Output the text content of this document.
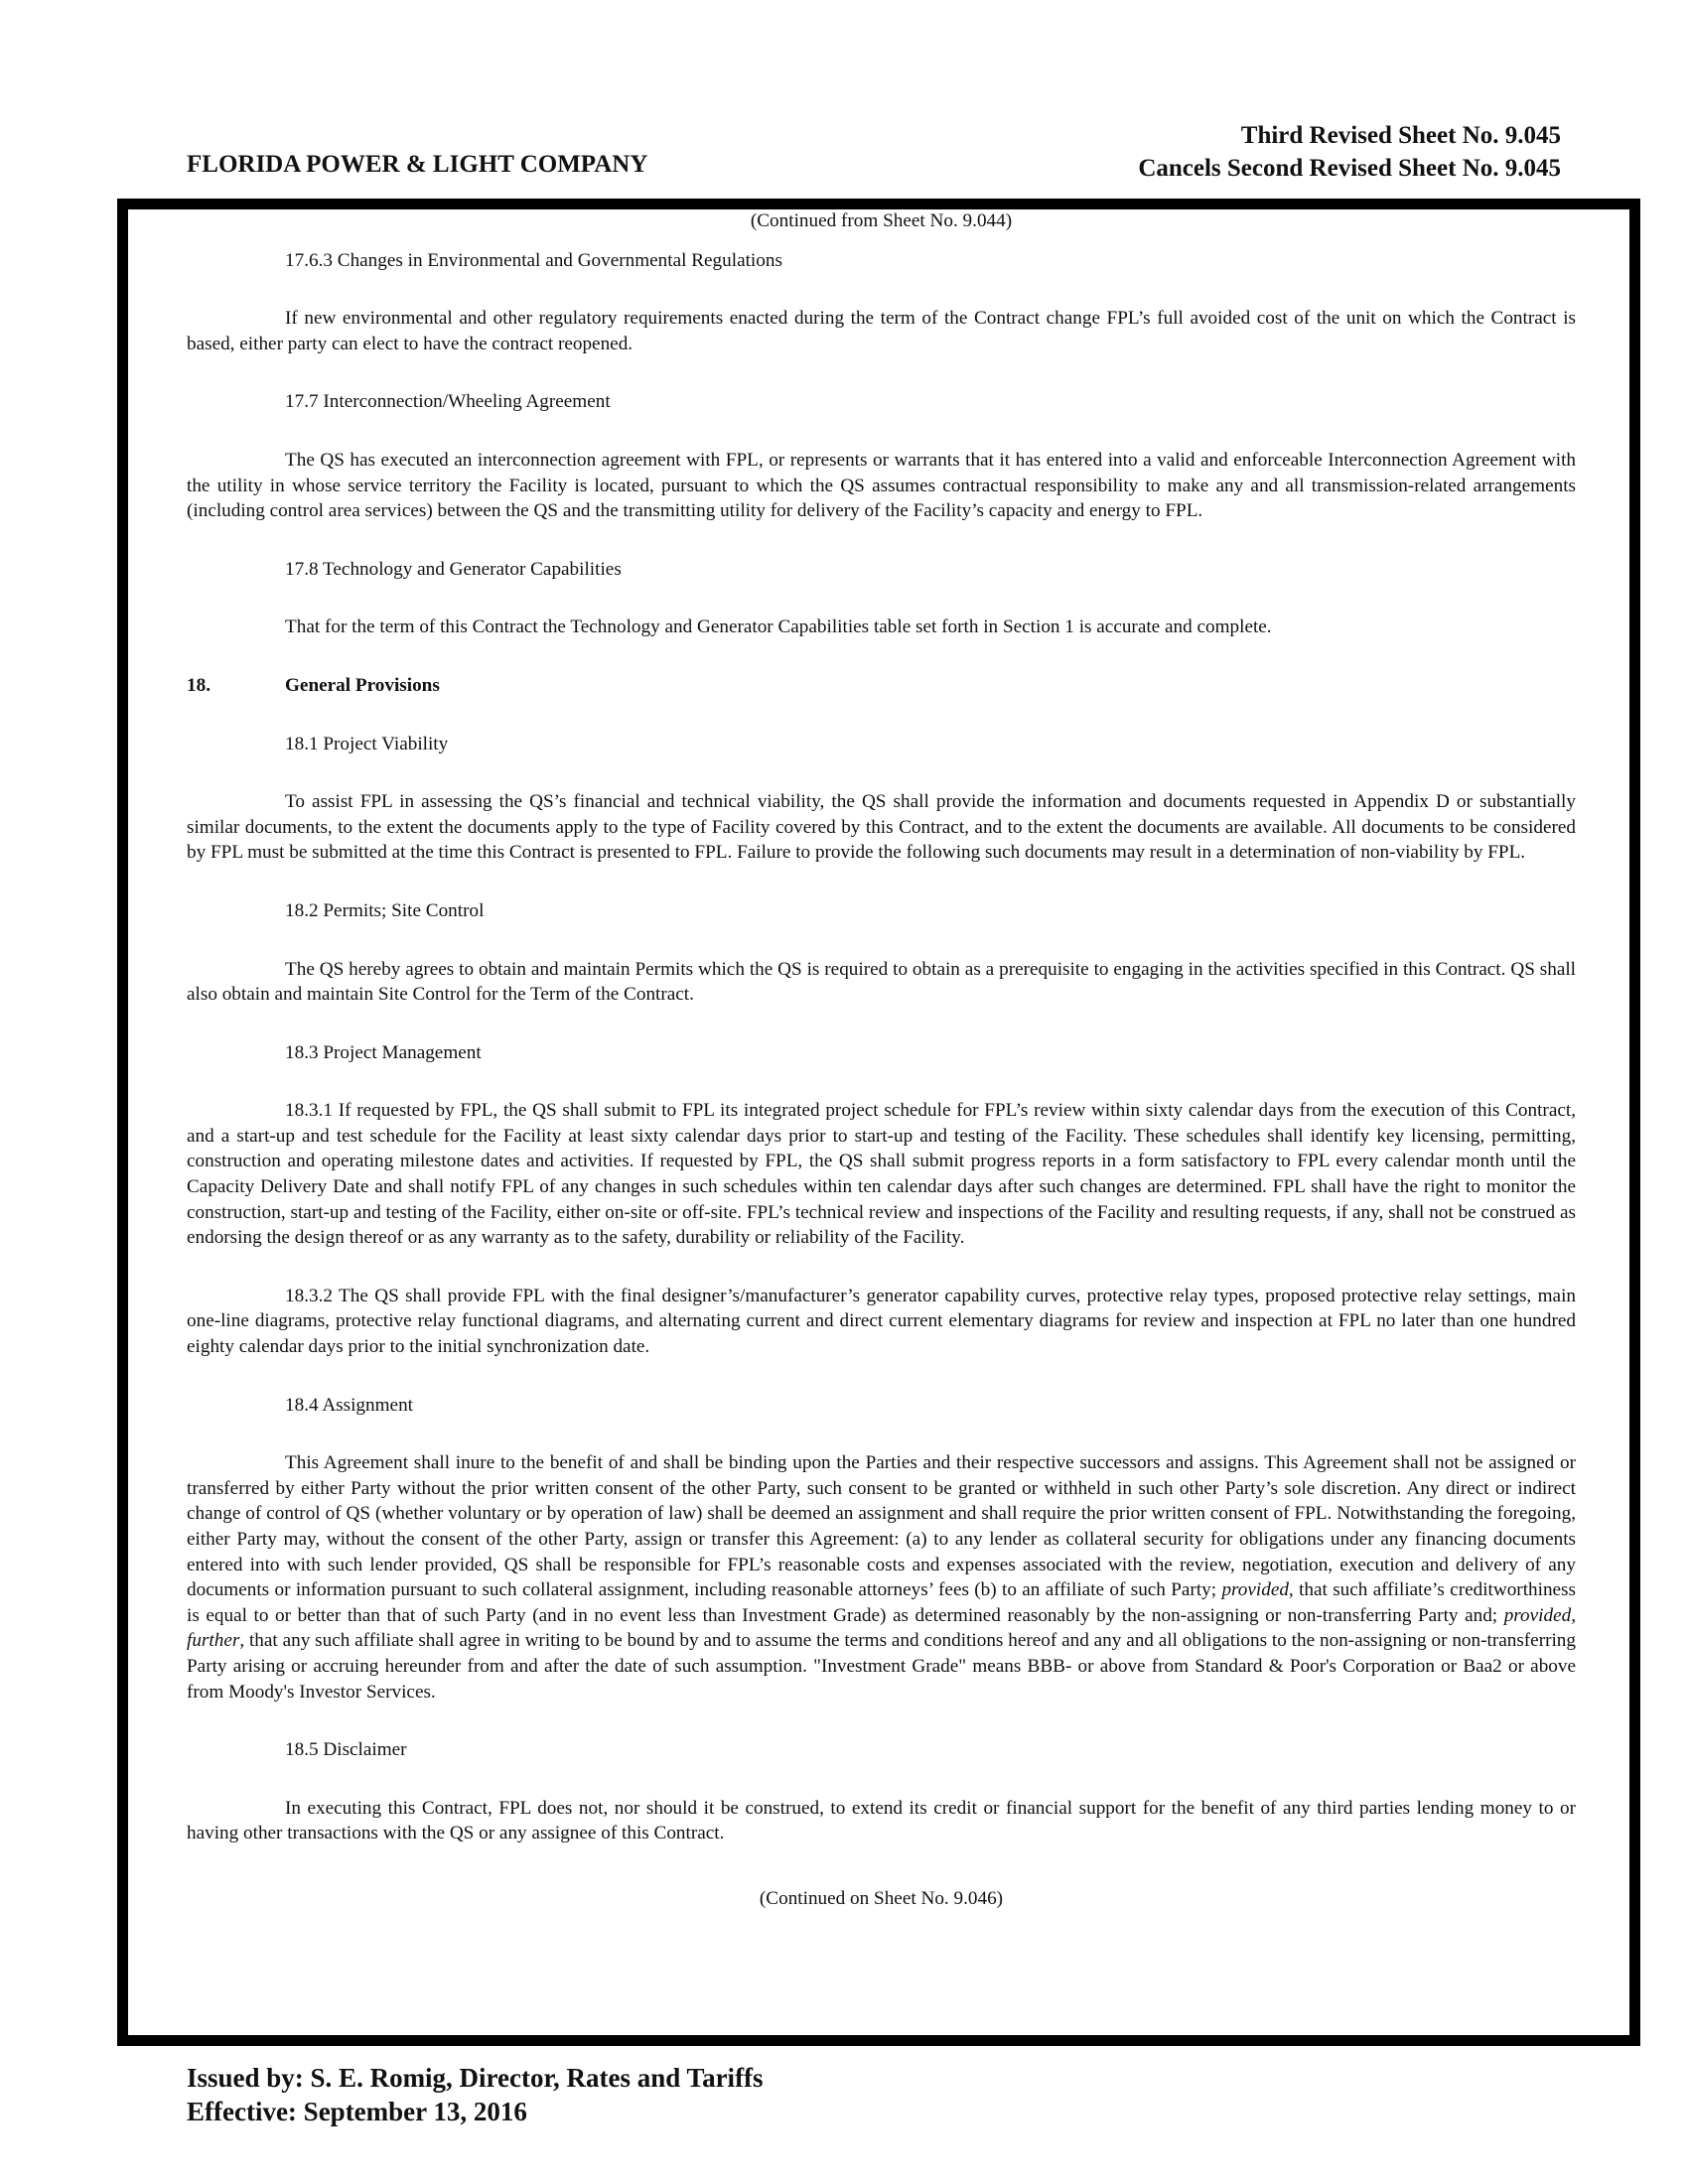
FLORIDA POWER & LIGHT COMPANY
Third Revised Sheet No. 9.045
Cancels Second Revised Sheet No. 9.045
(Continued from Sheet No. 9.044)
17.6.3 Changes in Environmental and Governmental Regulations
If new environmental and other regulatory requirements enacted during the term of the Contract change FPL’s full avoided cost of the unit on which the Contract is based, either party can elect to have the contract reopened.
17.7 Interconnection/Wheeling Agreement
The QS has executed an interconnection agreement with FPL, or represents or warrants that it has entered into a valid and enforceable Interconnection Agreement with the utility in whose service territory the Facility is located, pursuant to which the QS assumes contractual responsibility to make any and all transmission-related arrangements (including control area services) between the QS and the transmitting utility for delivery of the Facility’s capacity and energy to FPL.
17.8 Technology and Generator Capabilities
That for the term of this Contract the Technology and Generator Capabilities table set forth in Section 1 is accurate and complete.
18.	General Provisions
18.1 Project Viability
To assist FPL in assessing the QS’s financial and technical viability, the QS shall provide the information and documents requested in Appendix D or substantially similar documents, to the extent the documents apply to the type of Facility covered by this Contract, and to the extent the documents are available. All documents to be considered by FPL must be submitted at the time this Contract is presented to FPL. Failure to provide the following such documents may result in a determination of non-viability by FPL.
18.2 Permits; Site Control
The QS hereby agrees to obtain and maintain Permits which the QS is required to obtain as a prerequisite to engaging in the activities specified in this Contract. QS shall also obtain and maintain Site Control for the Term of the Contract.
18.3 Project Management
18.3.1 If requested by FPL, the QS shall submit to FPL its integrated project schedule for FPL’s review within sixty calendar days from the execution of this Contract, and a start-up and test schedule for the Facility at least sixty calendar days prior to start-up and testing of the Facility. These schedules shall identify key licensing, permitting, construction and operating milestone dates and activities. If requested by FPL, the QS shall submit progress reports in a form satisfactory to FPL every calendar month until the Capacity Delivery Date and shall notify FPL of any changes in such schedules within ten calendar days after such changes are determined. FPL shall have the right to monitor the construction, start-up and testing of the Facility, either on-site or off-site. FPL’s technical review and inspections of the Facility and resulting requests, if any, shall not be construed as endorsing the design thereof or as any warranty as to the safety, durability or reliability of the Facility.
18.3.2 The QS shall provide FPL with the final designer’s/manufacturer’s generator capability curves, protective relay types, proposed protective relay settings, main one-line diagrams, protective relay functional diagrams, and alternating current and direct current elementary diagrams for review and inspection at FPL no later than one hundred eighty calendar days prior to the initial synchronization date.
18.4 Assignment
This Agreement shall inure to the benefit of and shall be binding upon the Parties and their respective successors and assigns. This Agreement shall not be assigned or transferred by either Party without the prior written consent of the other Party, such consent to be granted or withheld in such other Party’s sole discretion. Any direct or indirect change of control of QS (whether voluntary or by operation of law) shall be deemed an assignment and shall require the prior written consent of FPL. Notwithstanding the foregoing, either Party may, without the consent of the other Party, assign or transfer this Agreement: (a) to any lender as collateral security for obligations under any financing documents entered into with such lender provided, QS shall be responsible for FPL’s reasonable costs and expenses associated with the review, negotiation, execution and delivery of any documents or information pursuant to such collateral assignment, including reasonable attorneys’ fees (b) to an affiliate of such Party; provided, that such affiliate’s creditworthiness is equal to or better than that of such Party (and in no event less than Investment Grade) as determined reasonably by the non-assigning or non-transferring Party and; provided, further, that any such affiliate shall agree in writing to be bound by and to assume the terms and conditions hereof and any and all obligations to the non-assigning or non-transferring Party arising or accruing hereunder from and after the date of such assumption. "Investment Grade" means BBB- or above from Standard & Poor's Corporation or Baa2 or above from Moody's Investor Services.
18.5 Disclaimer
In executing this Contract, FPL does not, nor should it be construed, to extend its credit or financial support for the benefit of any third parties lending money to or having other transactions with the QS or any assignee of this Contract.
(Continued on Sheet No. 9.046)
Issued by: S. E. Romig, Director, Rates and Tariffs
Effective: September 13, 2016
